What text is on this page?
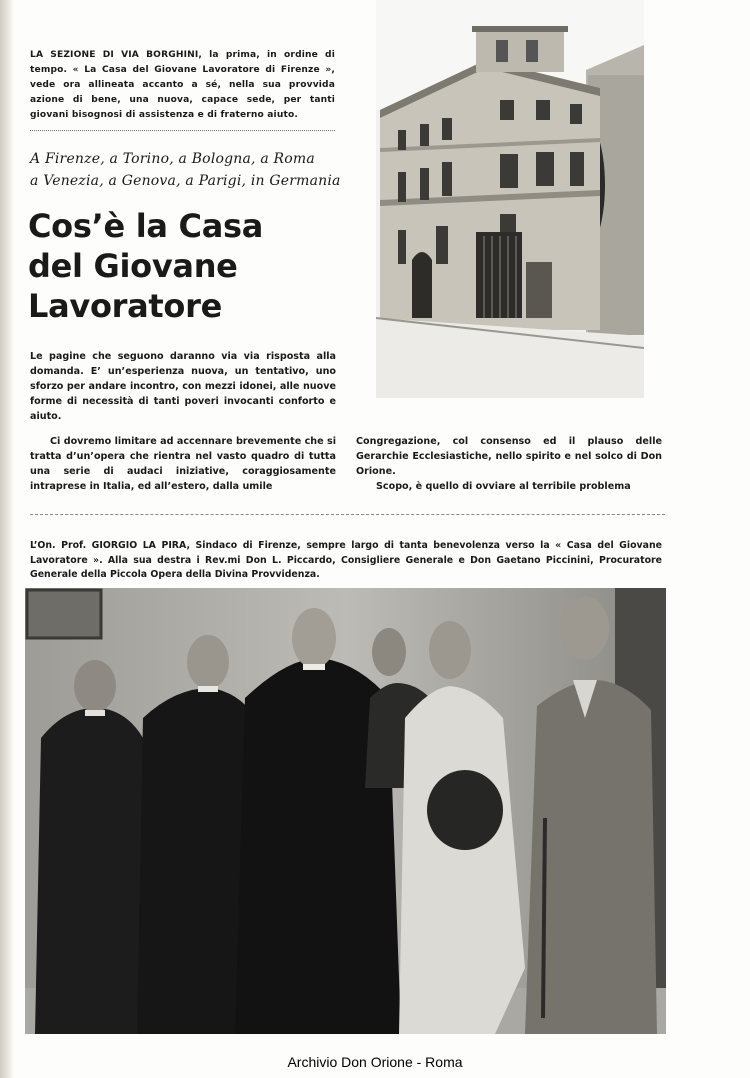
LA SEZIONE DI VIA BORGHINI, la prima, in ordine di tempo. « La Casa del Giovane Lavoratore di Firenze », vede ora allineata accanto a sé, nella sua provvida azione di bene, una nuova, capace sede, per tanti giovani bisognosi di assistenza e di fraterno aiuto.

A Firenze, a Torino, a Bologna, a Roma
a Venezia, a Genova, a Parigi, in Germania
Cos’è la Casa
del Giovane
Lavoratore

Le pagine che seguono daranno via via risposta alla domanda. E’ un’esperienza nuova, un tentativo, uno sforzo per andare incontro, con mezzi idonei, alle nuove forme di necessità di tanti poveri invocanti conforto e aiuto.

Ci dovremo limitare ad accennare brevemente che si tratta d’un’opera che rientra nel vasto quadro di tutta una serie di audaci iniziative, coraggiosamente intraprese in Italia, ed all’estero, dalla umile

Congregazione, col consenso ed il plauso delle Gerarchie Ecclesiastiche, nello spirito e nel solco di Don Orione.

Scopo, è quello di ovviare al terribile problema

L’On. Prof. GIORGIO LA PIRA, Sindaco di Firenze, sempre largo di tanta benevolenza verso la « Casa del Giovane Lavoratore ». Alla sua destra i Rev.mi Don L. Piccardo, Consigliere Generale e Don Gaetano Piccinini, Procuratore Generale della Piccola Opera della Divina Provvidenza.

Archivio Don Orione - Roma
